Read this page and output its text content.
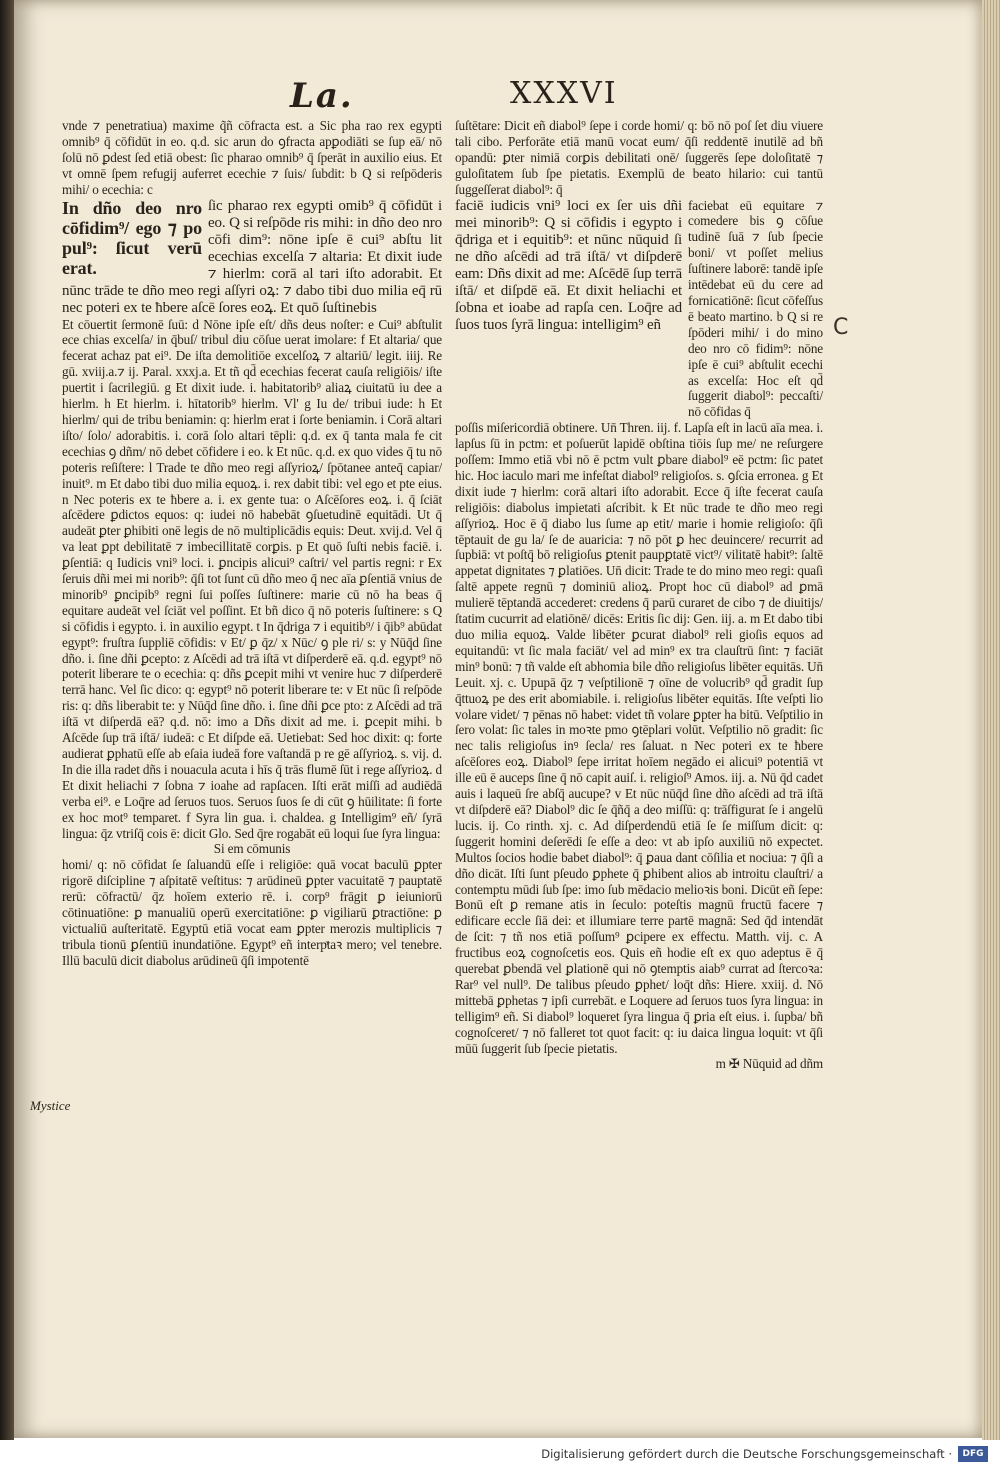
La.	XXXVI

vnde ⁊ penetratiua) maxime q̃ñ cōfracta est. a Sic pha rao rex egypti omnib⁹ q̄ cōfidūt in eo. q.d. sic arun do ꝯfracta apꝑodiāti se ſup eā/ nō ſolū nō ꝑdest ſed etiā obest: ſic pharao omnib⁹ q̄ ſperāt in auxilio eius. Et vt omnē ſpem refugij auferret ecechie ⁊ ſuis/ ſubdit: b Q si reſpōderis mihi/ o ecechia: c

In dño deo nro cōfidim⁹/ ego ⁊ po pul⁹: ſicut verū erat.

ſic pharao rex egypti omib⁹ q̄ cōfidūt i eo. Q si reſpōde ris mihi: in dño deo nro cōfi dim⁹: nōne ipſe ē cui⁹ abſtu lit ecechias excelſa ⁊ altaria: Et dixit iude ⁊ hierlm: corā al tari iſto adorabit. Et nūnc trāde te dño meo regi aſſyri oꝝ: ⁊ dabo tibi duo milia eq̄ rū nec poteri ex te ħbere aſcē ſores eoꝝ. Et quō ſuſtinebis

Et cōuertit ſermonē ſuū: d Nōne ipſe eſt/ dñs deus noſter: e Cui⁹ abſtulit ece chias excelſa/ in q̄buſ/ tribul diu cōſue uerat imolare: f Et altaria/ que fecerat achaz pat ei⁹. De iſta demolitiōe excelſoꝝ ⁊ altariū/ legit. iiij. Re gū. xviij.a.⁊ ij. Paral. xxxj.a. Et tñ qd̄ ecechias fecerat cauſa religiōis/ iſte puertit i ſacrilegiū. g Et dixit iude. i. habitatorib⁹ aliaꝝ ciuitatū iu dee a hierlm. h Et hierlm. i. hītatorib⁹ hierlm. Vl' g Iu de/ tribui iude: h Et hierlm/ qui de tribu beniamin: q: hierlm erat i ſorte beniamin. i Corā altari iſto/ ſolo/ adorabitis. i. corā ſolo altari tēpli: q.d. ex q̄ tanta mala fe cit ecechias ꝯ dñm/ nō debet cōfidere i eo. k Et nūc. q.d. ex quo vides q̄ tu nō poteris reſiſtere: l Trade te dño meo regi aſſyrioꝝ/ ſpōtanee anteq̄ capiar/ inuit⁹. m Et dabo tibi duo milia equoꝝ. i. rex dabit tibi: vel ego et pte eius. n Nec poteris ex te ħbere a. i. ex gente tua: o Aſcēſores eoꝝ. i. q̄ ſciāt aſcēdere ꝑdictos equos: q: iudei nō habebāt ꝯſuetudinē equitādi. Ut q̄ audeāt ꝑter ꝑhibiti onē legis de nō multiplicādis equis: Deut. xvij.d. Vel q̄ va leat ꝑpt debilitatē ⁊ imbecillitatē corꝑis. p Et quō ſuſti nebis faciē. i. ꝑſentiā: q Iudicis vni⁹ loci. i. ꝑncipis alicui⁹ caſtri/ vel partis regni: r Ex ſeruis dñi mei mi norib⁹: q̄ſi tot ſunt cū dño meo q̄ nec aīa ꝑſentiā vnius de minorib⁹ ꝑncipib⁹ regni ſui poſſes ſuſtinere: marie cū nō ha beas q̄ equitare audeāt vel ſciāt vel poſſint. Et bñ dico q̄ nō poteris ſuſtinere: s Q si cōfidis i egypto. i. in auxilio egypt. t In q̄driga ⁊ i equitib⁹/ i q̄ib⁹ abūdat egypt⁹: fruſtra ſuppliē cōfidis: v Et/ ꝑ q̄z/ x Nūc/ ꝯ ple ri/ s: y Nūq̄d ſine dño. i. ſine dñi ꝑcepto: z Aſcēdi ad trā iſtā vt diſperderē eā. q.d. egypt⁹ nō poterit liberare te o ecechia: q: dñs ꝑcepit mihi vt venire huc ⁊ diſperderē terrā hanc. Vel ſic dico: q: egypt⁹ nō poterit liberare te: v Et nūc ſi reſpōde ris: q: dñs liberabit te: y Nūq̄d ſine dño. i. ſine dñi ꝑce pto: z Aſcēdi ad trā iſtā vt diſperdā eā? q.d. nō: imo a Dñs dixit ad me. i. ꝑcepit mihi. b Aſcēde ſup trā iſtā/ iudeā: c Et diſpde eā. Uetiebat: Sed hoc dixit: q: forte audierat ꝑphatū eſſe ab eſaia iudeā fore vaſtandā p re gē aſſyrioꝝ. s. vij. d. In die illa radet dñs i nouacula acuta i hīs q̄ trās flumē ſūt i rege aſſyrioꝝ. d Et dixit heliachi ⁊ ſobna ⁊ ioahe ad rapſacen. Iſti erāt miſſi ad audiēdā verba ei⁹. e Loq̄re ad ſeruos tuos. Seruos ſuos ſe di cūt ꝯ hūilitate: ſi forte ex hoc mot⁹ temparet. f Syra lin gua. i. chaldea. g Intelligim⁹ eñ/ ſyrā lingua: q̄z vtriſq̄ cois ē: dicit Glo. Sed q̄re rogabāt eū loqui ſue ſyra lingua:

Si em cōmunis

homi/ q: nō cōfidat ſe ſaluandū eſſe i religiōe: quā vocat baculū ꝑpter rigorē diſcipline ⁊ aſpitatē veſtitus: ⁊ arūdineū ꝑpter vacuitatē ⁊ pauptatē rerū: cōfractū/ q̄z hoīem exterio rē. i. corp⁹ frāgit ꝑ ieiuniorū cōtinuatiōne: ꝑ manualiū operū exercitatiōne: ꝑ vigiliarū ꝑtractiōne: ꝑ victualiū auſteritatē. Egyptū etiā vocat eam ꝑpter merozis multiplicis ⁊ tribula tionū ꝑſentiū inundatiōne. Egypt⁹ eñ interpͣtaꝛ mero; vel tenebre. Illū baculū dicit diabolus arūdineū q̄ſi impotentē

ſuſtētare: Dicit eñ diabol⁹ ſepe i corde homi/ q: bō nō poſ ſet diu viuere tali cibo. Perforāte etiā manū vocat eum/ q̄ſi reddentē inutilē ad bñ opandū: ꝑter nimiā corꝑis debilitati onē/ ſuggerēs ſepe doloſitatē ⁊ guloſitatem ſub ſpe pietatis. Exemplū de beato hilario: cui tantū ſuggeſſerat diabol⁹: q̄

faciebat eū equitare ⁊ comedere bis ꝯ cōſue tudinē ſuā ⁊ ſub ſpecie boni/ vt poſſet melius ſuſtinere laborē: tandē ipſe intēdebat eū du cere ad fornicatiōnē: ſicut cōfeſſus ē beato martino. b Q si re ſpōderi mihi/ i do mino deo nro cō fidim⁹: nōne ipſe ē cui⁹ abſtulit ecechi as excelſa: Hoc eſt qd̄ ſuggerit diabol⁹: peccaſti/ nō cōfidas q̄

faciē iudicis vni⁹ loci ex ſer uis dñi mei minorib⁹: Q si cōfidis i egypto i q̄driga et i equitib⁹: et nūnc nūquid ſi ne dño aſcēdi ad trā iſtā/ vt diſpderē eam: Dñs dixit ad me: Aſcēdē ſup terrā iſtā/ et diſpdē eā. Et dixit heliachi et ſobna et ioabe ad rapſa cen. Loq̄re ad ſuos tuos ſyrā lingua: intelligim⁹ eñ

poſſis miſericordiā obtinere. Un̄ Thren. iij. f. Lapſa eſt in lacū aīa mea. i. lapſus ſū in pctm: et poſuerūt lapidē obſtina tiōis ſup me/ ne reſurgere poſſem: Immo etiā vbi nō ē pctm vult ꝑbare diabol⁹ eē pctm: ſic patet hic. Hoc iaculo mari me infeſtat diabol⁹ religioſos. s. ꝯſcia erronea. g Et dixit iude ⁊ hierlm: corā altari iſto adorabit. Ecce q̄ iſte fecerat cauſa religiōis: diabolus impietati aſcribit. k Et nūc trade te dño meo regi aſſyrioꝝ. Hoc ē q̄ diabo lus ſume ap etit/ marie i homie religioſo: q̄ſi tēptauit de gu la/ ſe de auaricia: ⁊ nō pōt ꝑ hec deuincere/ recurrit ad ſupbiā: vt poſtq̄ bō religioſus ꝑtenit paupꝑtatē vict⁹/ vilitatē habit⁹: ſaltē appetat dignitates ⁊ ꝑlatiōes. Un̄ dicit: Trade te do mino meo regi: quaſi ſaltē appete regnū ⁊ dominiū alioꝝ. Propt hoc cū diabol⁹ ad ꝑmā mulierē tēptandā accederet: credens q̄ parū curaret de cibo ⁊ de diuitijs/ ſtatim cucurrit ad elatiōnē/ dicēs: Eritis ſic dij: Gen. iij. a. m Et dabo tibi duo milia equoꝝ. Valde libēter ꝑcurat diabol⁹ reli gioſis equos ad equitandū: vt ſic mala faciāt/ vel ad min⁹ ex tra clauſtrū ſint: ⁊ faciāt min⁹ bonū: ⁊ tñ valde eſt abhomia bile dño religioſus libēter equitās. Un̄ Leuit. xj. c. Upupā q̄z ⁊ veſptilionē ⁊ oīne de volucrib⁹ qd̄ gradit ſup q̄ttuoꝝ pe des erit abomiabile. i. religioſus libēter equitās. Iſte veſpti lio volare videt/ ⁊ pēnas nō habet: videt tñ volare ꝑpter ha bitū. Veſptilio in ſero volat: ſic tales in moꝛte pmo ꝯtēplari volūt. Veſptilio nō gradit: ſic nec talis religioſus inꝰ ſecla/ res ſaluat. n Nec poteri ex te ħbere aſcēſores eoꝝ. Diabol⁹ ſepe irritat hoīem negādo ei alicui⁹ potentiā vt ille eū ē auceps ſine q̄ nō capit auiſ. i. religioſ⁹ Amos. iij. a. Nū q̄d cadet auis i laqueū ſre abſq̄ aucupe? v Et nūc nūq̄d ſine dño aſcēdi ad trā iſtā vt diſpderē eā? Diabol⁹ dic ſe q̄ñq̄ a deo miſſū: q: trāſfigurat ſe i angelū lucis. ij. Co rinth. xj. c. Ad diſperdendū etiā ſe ſe miſſum dicit: q: ſuggerit homini deſerēdi ſe eſſe a deo: vt ab ipſo auxiliū nō expectet. Multos ſocios hodie babet diabol⁹: q̄ ꝑaua dant cōſilia et nociua: ⁊ q̄ſi a dño dicāt. Iſti ſunt pſeudo ꝑphete q̄ ꝑhibent alios ab introitu clauſtri/ a contemptu mūdi ſub ſpe: imo ſub mēdacio melioꝛis boni. Dicūt eñ ſepe: Bonū eſt ꝑ remane atis in ſeculo: poteſtis magnū fructū facere ⁊ edificare eccle ſiā dei: et illumiare terre partē magnā: Sed q̄d intendāt de ſcit: ⁊ tñ nos etiā poſſum⁹ ꝑcipere ex effectu. Matth. vij. c. A fructibus eoꝝ cognoſcetis eos. Quis eñ hodie eſt ex quo adeptus ē q̄ querebat ꝑbendā vel ꝑlationē qui nō ꝯtemptis aiab⁹ currat ad ſtercoꝛa: Rar⁹ vel null⁹. De talibus pſeudo ꝑphet/ loq̄t dñs: Hiere. xxiij. d. Nō mittebā ꝑphetas ⁊ ipſi currebāt. e Loquere ad ſeruos tuos ſyra lingua: in telligim⁹ eñ. Si diabol⁹ loqueret ſyra lingua q̄ ꝑria eſt eius. i. ſupba/ bñ cognoſceret/ ⁊ nō falleret tot quot facit: q: iu daica lingua loquit: vt q̄ſi mūū ſuggerit ſub ſpecie pietatis.

m ✠ Nūquid ad dñm

C
Mystice
Digitalisierung gefördert durch die Deutsche Forschungsgemeinschaft ·	DFG
